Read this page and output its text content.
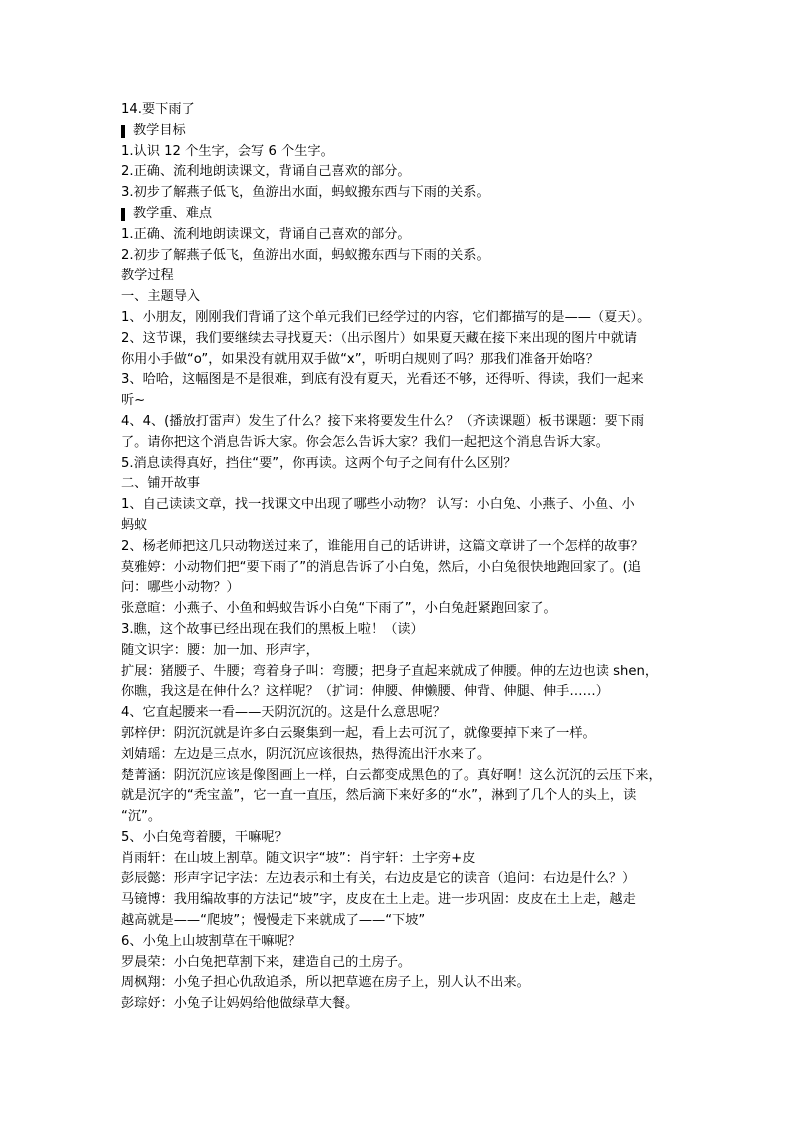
14.要下雨了
教学目标
1.认识 12 个生字，会写 6 个生字。
2.正确、流利地朗读课文，背诵自己喜欢的部分。
3.初步了解燕子低飞，鱼游出水面，蚂蚁搬东西与下雨的关系。
教学重、难点
1.正确、流利地朗读课文，背诵自己喜欢的部分。
2.初步了解燕子低飞，鱼游出水面，蚂蚁搬东西与下雨的关系。
教学过程
一、主题导入
1、小朋友，刚刚我们背诵了这个单元我们已经学过的内容，它们都描写的是——（夏天）。
2、这节课，我们要继续去寻找夏天：（出示图片）如果夏天藏在接下来出现的图片中就请
你用小手做“o”，如果没有就用双手做“x”，听明白规则了吗？那我们准备开始咯？
3、哈哈，这幅图是不是很难，到底有没有夏天，光看还不够，还得听、得读，我们一起来
听~
4、4、(播放打雷声）发生了什么？接下来将要发生什么？（齐读课题）板书课题：要下雨
了。请你把这个消息告诉大家。你会怎么告诉大家？我们一起把这个消息告诉大家。
5.消息读得真好，挡住“要”，你再读。这两个句子之间有什么区别？
二、铺开故事
1、自己读读文章，找一找课文中出现了哪些小动物？ 认写：小白兔、小燕子、小鱼、小
蚂蚁
2、杨老师把这几只动物送过来了，谁能用自己的话讲讲，这篇文章讲了一个怎样的故事？
莫雅婷：小动物们把“要下雨了”的消息告诉了小白兔，然后，小白兔很快地跑回家了。(追
问：哪些小动物？）
张意暄：小燕子、小鱼和蚂蚁告诉小白兔“下雨了”，小白兔赶紧跑回家了。
3.瞧，这个故事已经出现在我们的黑板上啦！（读）
随文识字：腰：加一加、形声字，
扩展：猪腰子、牛腰；弯着身子叫：弯腰；把身子直起来就成了伸腰。伸的左边也读 shen，
你瞧，我这是在伸什么？这样呢？（扩词：伸腰、伸懒腰、伸背、伸腿、伸手……）
4、它直起腰来一看——天阴沉沉的。这是什么意思呢？
郭梓伊：阴沉沉就是许多白云聚集到一起，看上去可沉了，就像要掉下来了一样。
刘婧瑶：左边是三点水，阴沉沉应该很热，热得流出汗水来了。
楚菁涵：阴沉沉应该是像图画上一样，白云都变成黑色的了。真好啊！这么沉沉的云压下来，
就是沉字的“秃宝盖”，它一直一直压，然后滴下来好多的“水”，淋到了几个人的头上，读
“沉”。
5、小白兔弯着腰，干嘛呢？
肖雨轩：在山坡上割草。随文识字“坡”：肖宇轩：土字旁+皮
彭辰懿：形声字记字法：左边表示和土有关，右边皮是它的读音（追问：右边是什么？）
马镜博：我用编故事的方法记“坡”字，皮皮在土上走。进一步巩固：皮皮在土上走，越走
越高就是——“爬坡”；慢慢走下来就成了——“下坡”
6、小兔上山坡割草在干嘛呢？
罗晨荣：小白兔把草割下来，建造自己的土房子。
周枫翔：小兔子担心仇敌追杀，所以把草遮在房子上，别人认不出来。
彭琮妤：小兔子让妈妈给他做绿草大餐。
